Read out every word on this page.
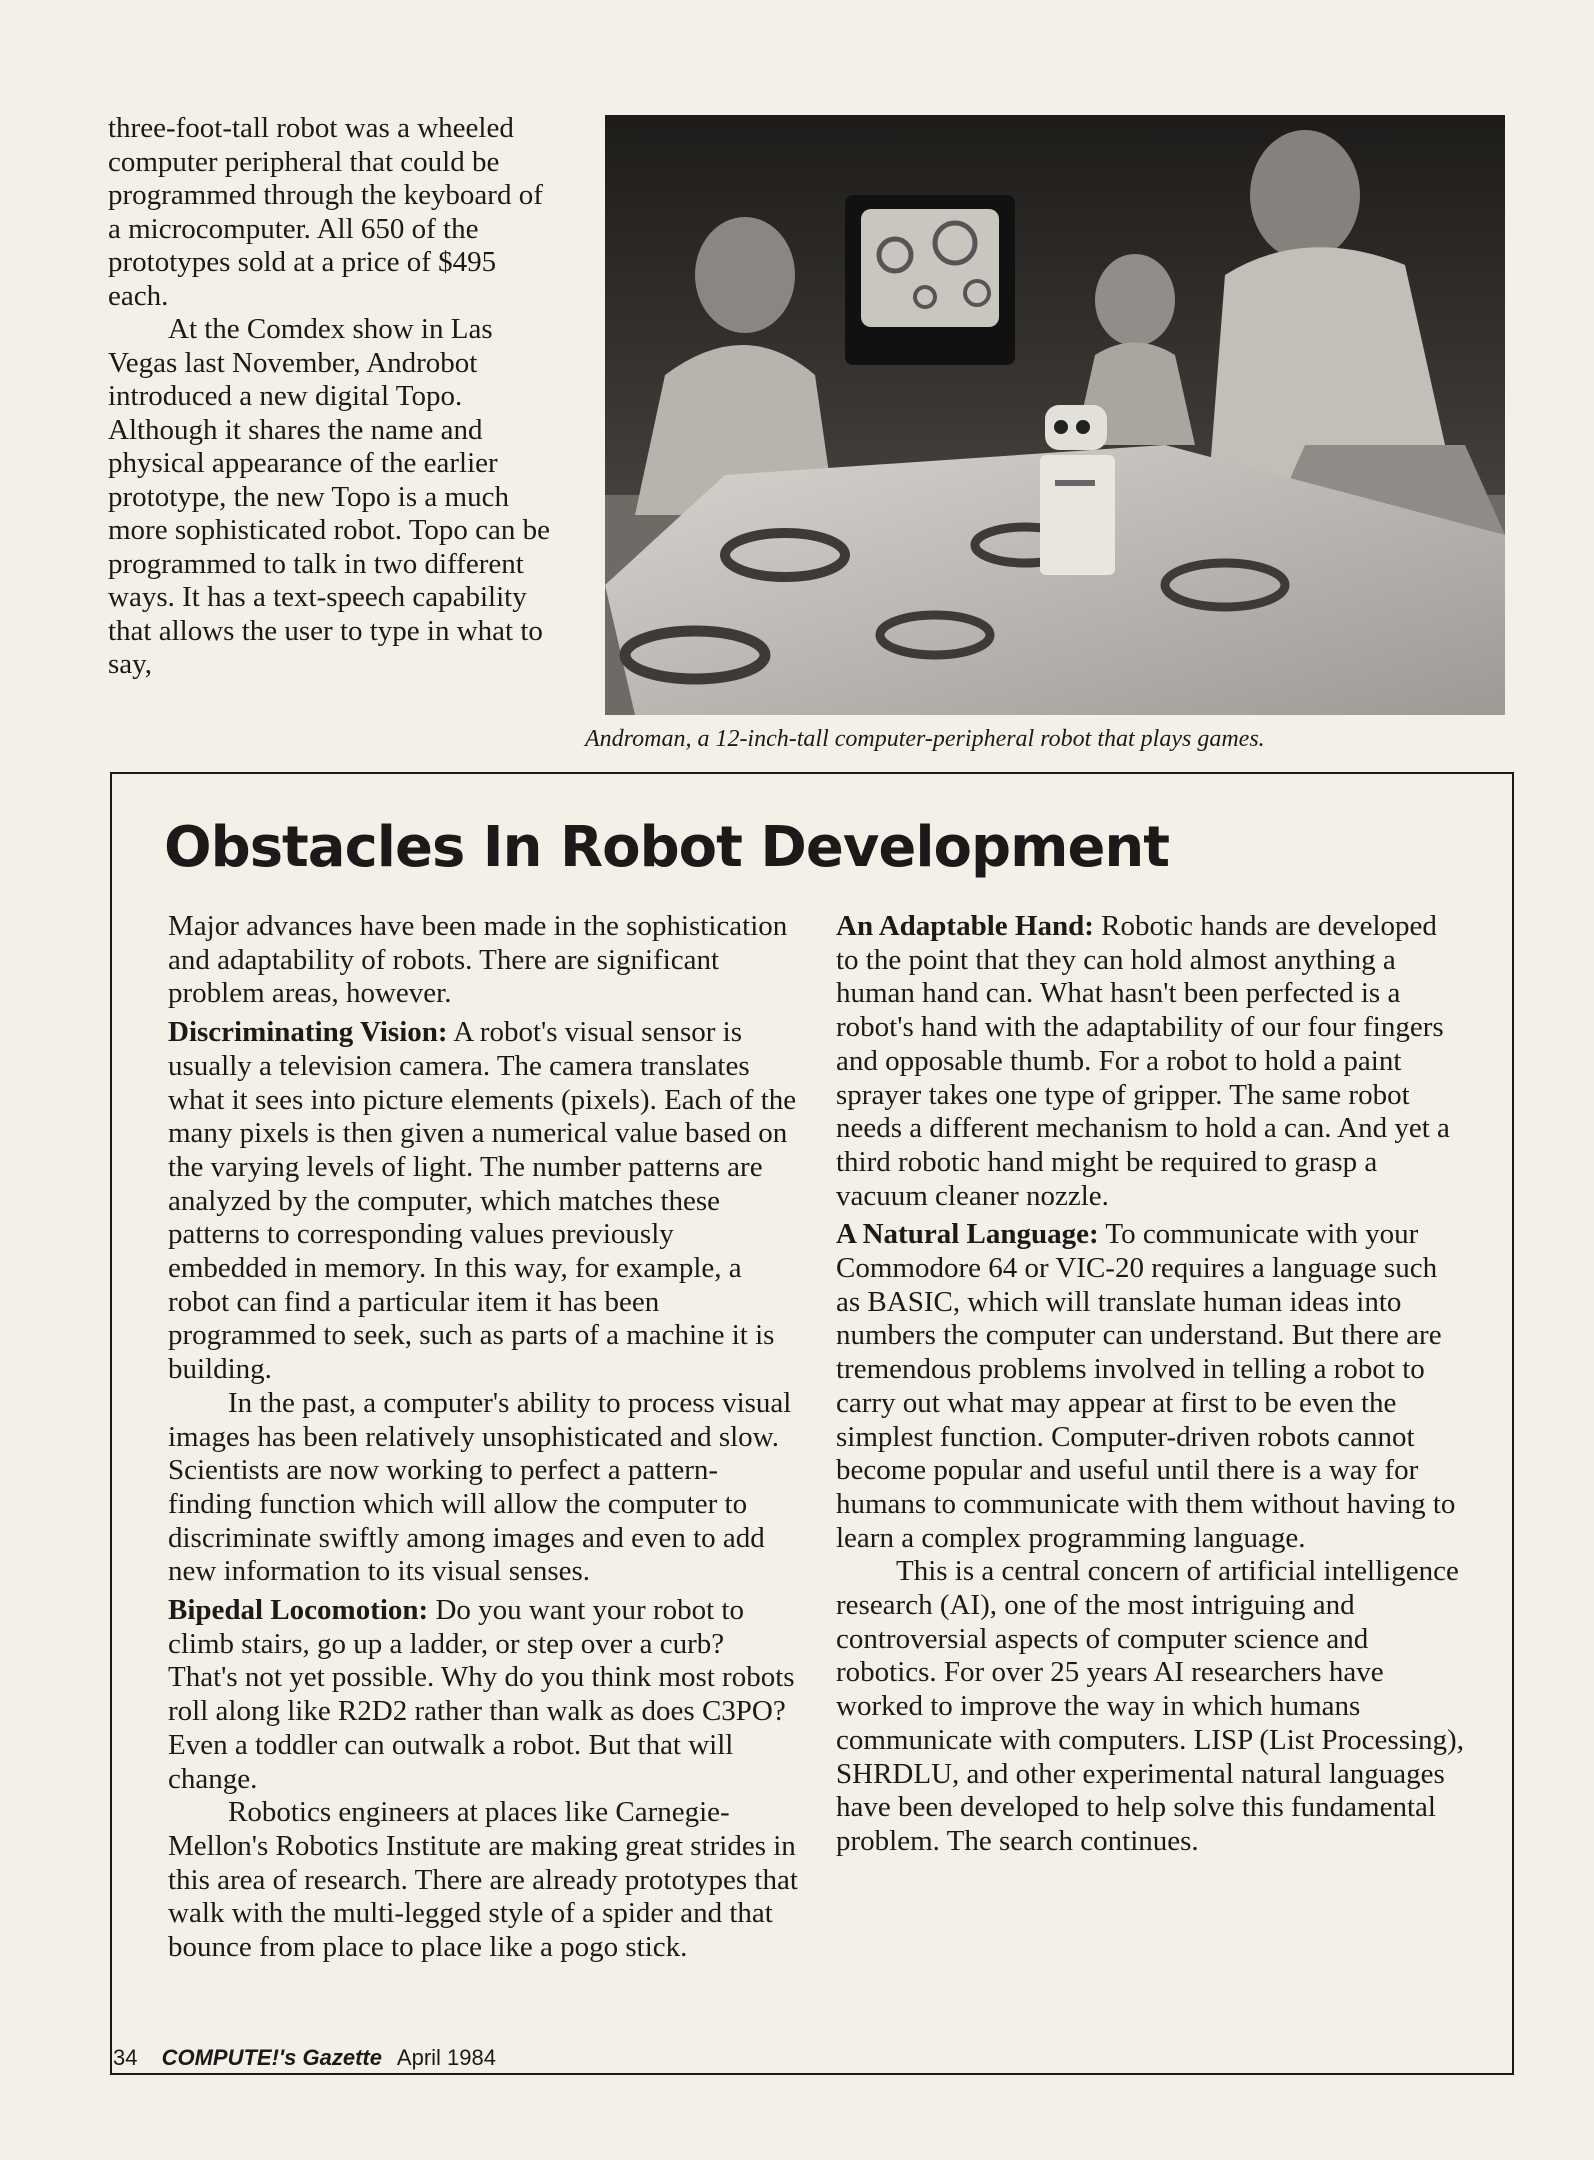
three-foot-tall robot was a wheeled computer peripheral that could be programmed through the keyboard of a microcomputer. All 650 of the prototypes sold at a price of $495 each.

At the Comdex show in Las Vegas last November, Androbot introduced a new digital Topo. Although it shares the name and physical appearance of the earlier prototype, the new Topo is a much more sophisticated robot. Topo can be programmed to talk in two different ways. It has a text-speech capability that allows the user to type in what to say,

Androman, a 12-inch-tall computer-peripheral robot that plays games.
Obstacles In Robot Development

Major advances have been made in the sophistication and adaptability of robots. There are significant problem areas, however.

Discriminating Vision: A robot's visual sensor is usually a television camera. The camera translates what it sees into picture elements (pixels). Each of the many pixels is then given a numerical value based on the varying levels of light. The number patterns are analyzed by the computer, which matches these patterns to corresponding values previously embedded in memory. In this way, for example, a robot can find a particular item it has been programmed to seek, such as parts of a machine it is building.

In the past, a computer's ability to process visual images has been relatively unsophisticated and slow. Scientists are now working to perfect a pattern-finding function which will allow the computer to discriminate swiftly among images and even to add new information to its visual senses.

Bipedal Locomotion: Do you want your robot to climb stairs, go up a ladder, or step over a curb? That's not yet possible. Why do you think most robots roll along like R2D2 rather than walk as does C3PO? Even a toddler can outwalk a robot. But that will change.

Robotics engineers at places like Carnegie-Mellon's Robotics Institute are making great strides in this area of research. There are already prototypes that walk with the multi-legged style of a spider and that bounce from place to place like a pogo stick.

An Adaptable Hand: Robotic hands are developed to the point that they can hold almost anything a human hand can. What hasn't been perfected is a robot's hand with the adaptability of our four fingers and opposable thumb. For a robot to hold a paint sprayer takes one type of gripper. The same robot needs a different mechanism to hold a can. And yet a third robotic hand might be required to grasp a vacuum cleaner nozzle.

A Natural Language: To communicate with your Commodore 64 or VIC-20 requires a language such as BASIC, which will translate human ideas into numbers the computer can understand. But there are tremendous problems involved in telling a robot to carry out what may appear at first to be even the simplest function. Computer-driven robots cannot become popular and useful until there is a way for humans to communicate with them without having to learn a complex programming language.

This is a central concern of artificial intelligence research (AI), one of the most intriguing and controversial aspects of computer science and robotics. For over 25 years AI researchers have worked to improve the way in which humans communicate with computers. LISP (List Processing), SHRDLU, and other experimental natural languages have been developed to help solve this fundamental problem. The search continues.

34 COMPUTE!'s Gazette April 1984
